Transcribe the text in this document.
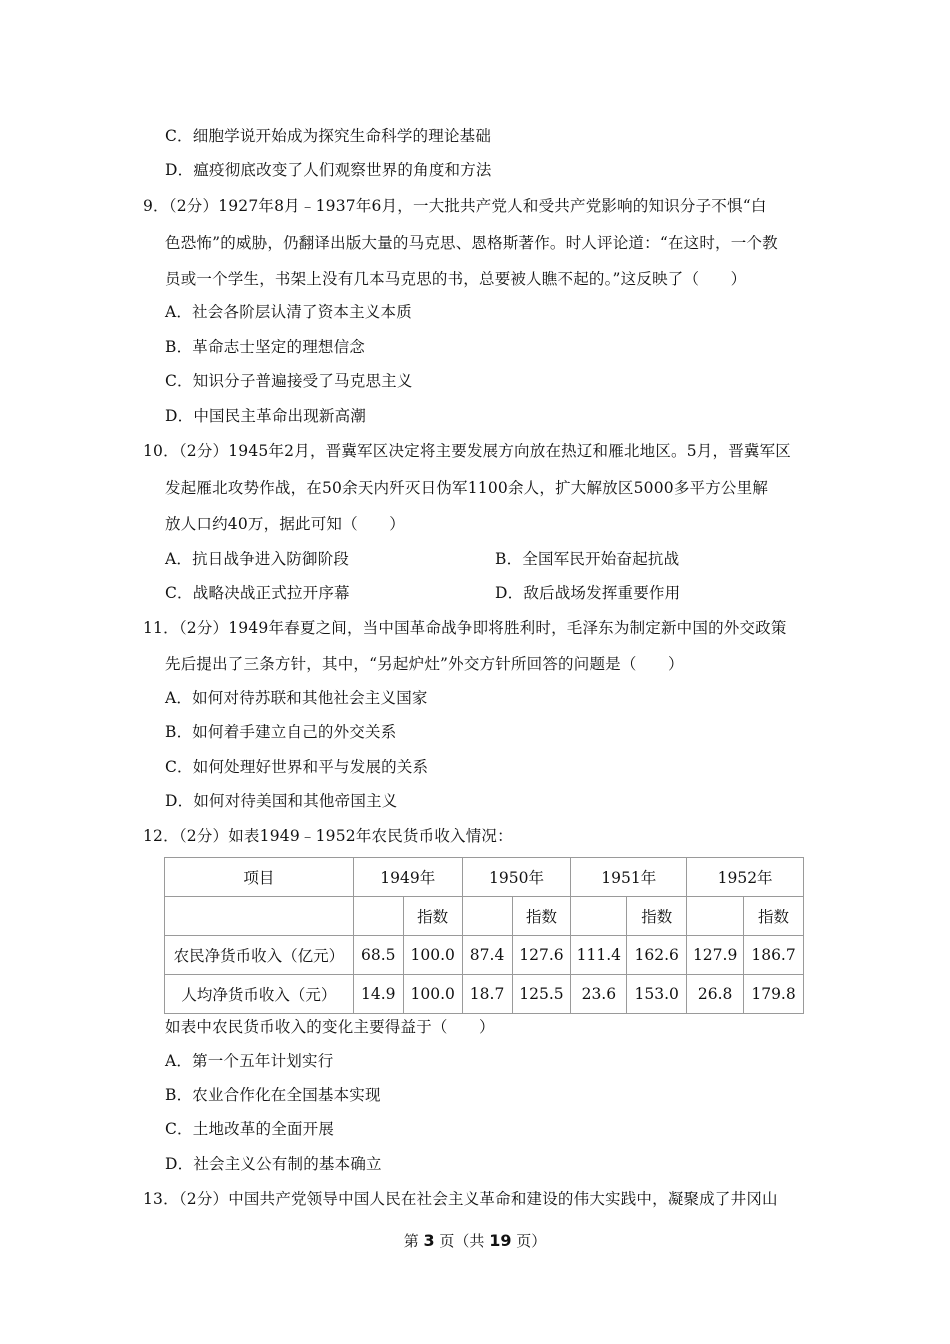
C．细胞学说开始成为探究生命科学的理论基础
D．瘟疫彻底改变了人们观察世界的角度和方法
9．（2分）1927年8月﹣1937年6月，一大批共产党人和受共产党影响的知识分子不惧“白
色恐怖”的威胁，仍翻译出版大量的马克思、恩格斯著作。时人评论道：“在这时，一个教
员或一个学生，书架上没有几本马克思的书，总要被人瞧不起的。”这反映了（　　）
A．社会各阶层认清了资本主义本质
B．革命志士坚定的理想信念
C．知识分子普遍接受了马克思主义
D．中国民主革命出现新高潮
10．（2分）1945年2月，晋冀军区决定将主要发展方向放在热辽和雁北地区。5月，晋冀军区
发起雁北攻势作战，在50余天内歼灭日伪军1100余人，扩大解放区5000多平方公里解
放人口约40万，据此可知（　　）
A．抗日战争进入防御阶段	B．全国军民开始奋起抗战
C．战略决战正式拉开序幕	D．敌后战场发挥重要作用
11．（2分）1949年春夏之间，当中国革命战争即将胜利时，毛泽东为制定新中国的外交政策
先后提出了三条方针，其中，“另起炉灶”外交方针所回答的问题是（　　）
A．如何对待苏联和其他社会主义国家
B．如何着手建立自己的外交关系
C．如何处理好世界和平与发展的关系
D．如何对待美国和其他帝国主义
12．（2分）如表1949﹣1952年农民货币收入情况：
项目	1949年		1950年		1951年		1952年	
		指数		指数		指数		指数
农民净货币收入（亿元）	68.5	100.0	87.4	127.6	111.4	162.6	127.9	186.7
人均净货币收入（元）	14.9	100.0	18.7	125.5	23.6	153.0	26.8	179.8
如表中农民货币收入的变化主要得益于（　　）
A．第一个五年计划实行
B．农业合作化在全国基本实现
C．土地改革的全面开展
D．社会主义公有制的基本确立
13．（2分）中国共产党领导中国人民在社会主义革命和建设的伟大实践中，凝聚成了井冈山
第 3 页（共 19 页）
